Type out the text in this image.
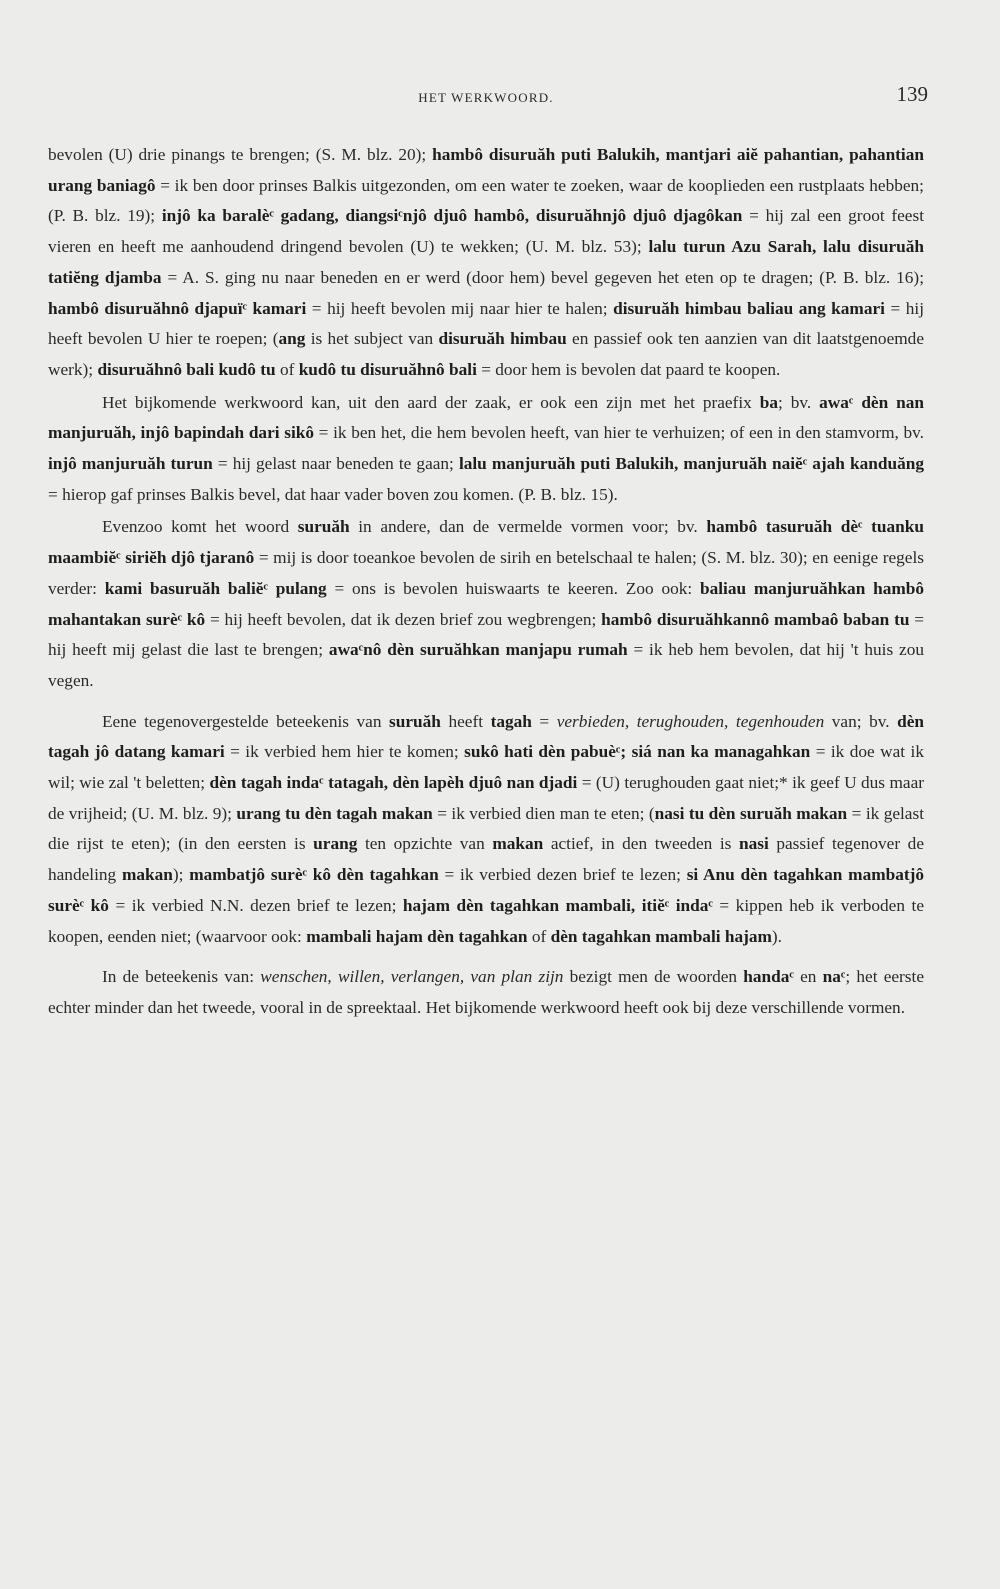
HET WERKWOORD.	139

bevolen (U) drie pinangs te brengen; (S. M. blz. 20); hambô disuruăh puti Balukih, mantjari aiĕ pahantian, pahantian urang baniagô = ik ben door prinses Balkis uitgezonden, om een water te zoeken, waar de kooplieden een rustplaats hebben; (P. B. blz. 19); injô ka baralèᶜ gadang, diangsiᶜnjô djuô hambô, disuruăhnjô djuô djagôkan = hij zal een groot feest vieren en heeft me aanhoudend dringend bevolen (U) te wekken; (U. M. blz. 53); lalu turun Azu Sarah, lalu disuruăh tatiĕng djamba = A. S. ging nu naar beneden en er werd (door hem) bevel gegeven het eten op te dragen; (P. B. blz. 16); hambô disuruăhnô djapuïᶜ kamari = hij heeft bevolen mij naar hier te halen; disuruăh himbau baliau ang kamari = hij heeft bevolen U hier te roepen; (ang is het subject van disuruăh himbau en passief ook ten aanzien van dit laatstgenoemde werk); disuruăhnô bali kudô tu of kudô tu disuruăhnô bali = door hem is bevolen dat paard te koopen.

Het bijkomende werkwoord kan, uit den aard der zaak, er ook een zijn met het praefix ba; bv. awaᶜ dèn nan manjuruăh, injô bapindah dari sikô = ik ben het, die hem bevolen heeft, van hier te verhuizen; of een in den stamvorm, bv. injô manjuruăh turun = hij gelast naar beneden te gaan; lalu manjuruăh puti Balukih, manjuruăh naiĕᶜ ajah kanduăng = hierop gaf prinses Balkis bevel, dat haar vader boven zou komen. (P. B. blz. 15).

Evenzoo komt het woord suruăh in andere, dan de vermelde vormen voor; bv. hambô tasuruăh dèᶜ tuanku maambiĕᶜ siriĕh djô tjaranô = mij is door toeankoe bevolen de sirih en betelschaal te halen; (S. M. blz. 30); en eenige regels verder: kami basuruăh baliĕᶜ pulang = ons is bevolen huiswaarts te keeren. Zoo ook: baliau manjuruăhkan hambô mahantakan surèᶜ kô = hij heeft bevolen, dat ik dezen brief zou wegbrengen; hambô disuruăhkannô mambaô baban tu = hij heeft mij gelast die last te brengen; awaᶜnô dèn suruăhkan manjapu rumah = ik heb hem bevolen, dat hij 't huis zou vegen.

Eene tegenovergestelde beteekenis van suruăh heeft tagah = verbieden, terughouden, tegenhouden van; bv. dèn tagah jô datang kamari = ik verbied hem hier te komen; sukô hati dèn pabuèᶜ; siá nan ka managahkan = ik doe wat ik wil; wie zal 't beletten; dèn tagah indaᶜ tatagah, dèn lapèh djuô nan djadi = (U) terughouden gaat niet;* ik geef U dus maar de vrijheid; (U. M. blz. 9); urang tu dèn tagah makan = ik verbied dien man te eten; (nasi tu dèn suruăh makan = ik gelast die rijst te eten); (in den eersten is urang ten opzichte van makan actief, in den tweeden is nasi passief tegenover de handeling makan); mambatjô surèᶜ kô dèn tagahkan = ik verbied dezen brief te lezen; si Anu dèn tagahkan mambatjô surèᶜ kô = ik verbied N.N. dezen brief te lezen; hajam dèn tagahkan mambali, itiĕᶜ indaᶜ = kippen heb ik verboden te koopen, eenden niet; (waarvoor ook: mambali hajam dèn tagahkan of dèn tagahkan mambali hajam).

In de beteekenis van: wenschen, willen, verlangen, van plan zijn bezigt men de woorden handaᶜ en naᶜ; het eerste echter minder dan het tweede, vooral in de spreektaal. Het bijkomende werkwoord heeft ook bij deze verschillende vormen.
